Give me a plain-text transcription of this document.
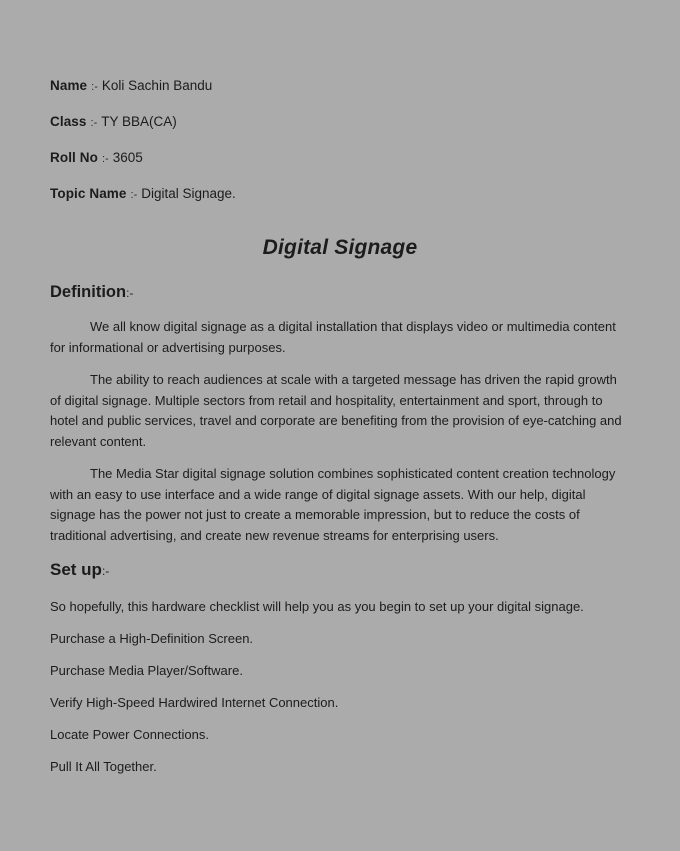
Name :- Koli Sachin Bandu

Class :- TY BBA(CA)

Roll No :- 3605

Topic Name :- Digital Signage.

Digital Signage
Definition:-

We all know digital signage as a digital installation that displays video or multimedia content for informational or advertising purposes.

The ability to reach audiences at scale with a targeted message has driven the rapid growth of digital signage. Multiple sectors from retail and hospitality, entertainment and sport, through to hotel and public services, travel and corporate are benefiting from the provision of eye-catching and relevant content.

The Media Star digital signage solution combines sophisticated content creation technology with an easy to use interface and a wide range of digital signage assets. With our help, digital signage has the power not just to create a memorable impression, but to reduce the costs of traditional advertising, and create new revenue streams for enterprising users.

Set up:-

So hopefully, this hardware checklist will help you as you begin to set up your digital signage.

Purchase a High-Definition Screen.

Purchase Media Player/Software.

Verify High-Speed Hardwired Internet Connection.

Locate Power Connections.

Pull It All Together.
